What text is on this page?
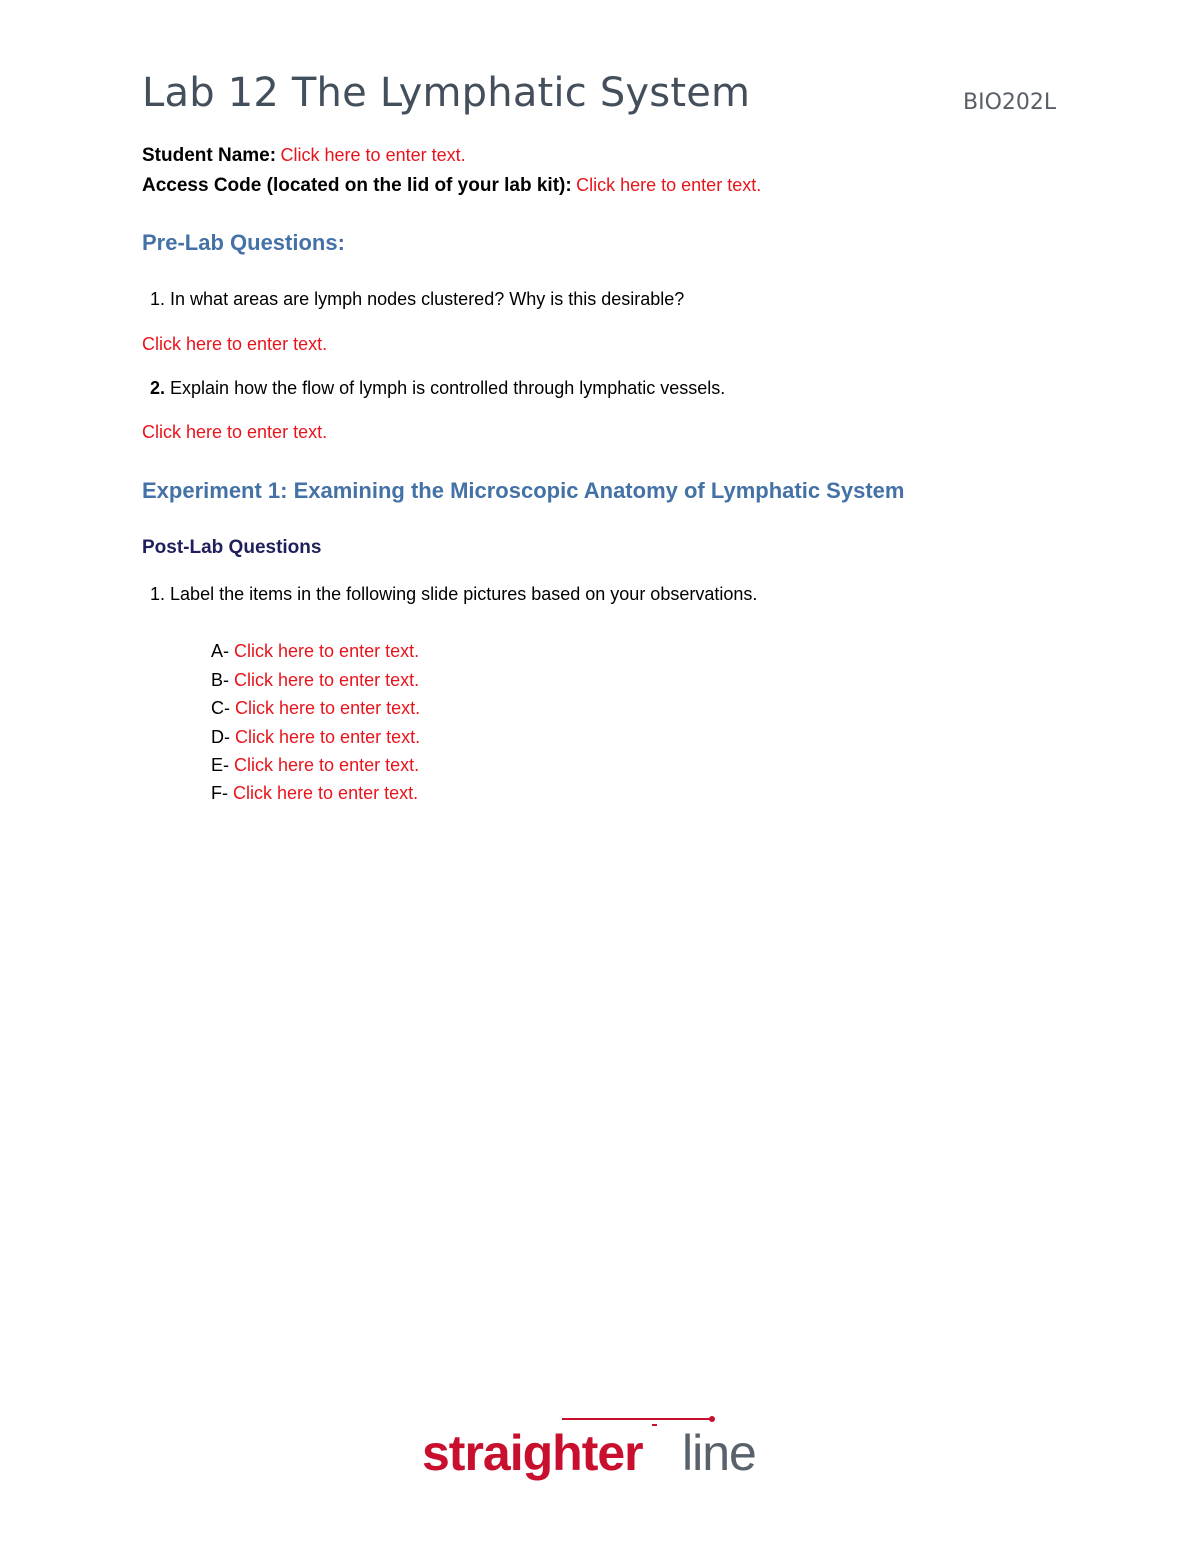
Lab 12 The Lymphatic System	BIO202L
Student Name: Click here to enter text.
Access Code (located on the lid of your lab kit): Click here to enter text.
Pre-Lab Questions:
1. In what areas are lymph nodes clustered? Why is this desirable?
Click here to enter text.
2. Explain how the flow of lymph is controlled through lymphatic vessels.
Click here to enter text.
Experiment 1: Examining the Microscopic Anatomy of Lymphatic System
Post-Lab Questions
1. Label the items in the following slide pictures based on your observations.
A- Click here to enter text.
B- Click here to enter text.
C- Click here to enter text.
D- Click here to enter text.
E- Click here to enter text.
F- Click here to enter text.
straighter line
